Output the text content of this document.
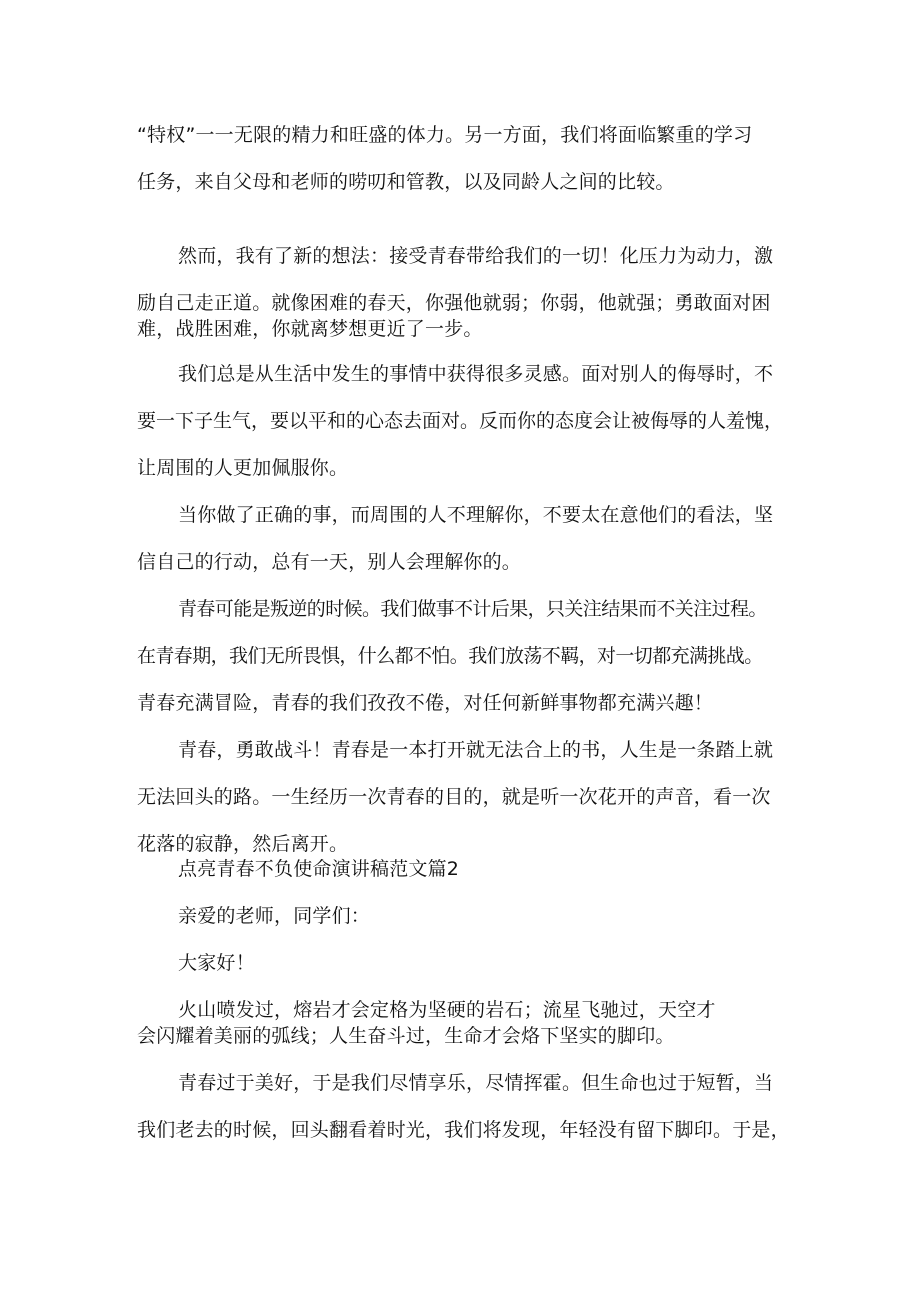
“特权”一一无限的精力和旺盛的体力。另一方面，我们将面临繁重的学习
任务，来自父母和老师的唠叨和管教，以及同龄人之间的比较。
然而，我有了新的想法：接受青春带给我们的一切！化压力为动力，激
励自己走正道。就像困难的春天，你强他就弱；你弱，他就强；勇敢面对困
难，战胜困难，你就离梦想更近了一步。
我们总是从生活中发生的事情中获得很多灵感。面对别人的侮辱时，不
要一下子生气，要以平和的心态去面对。反而你的态度会让被侮辱的人羞愧，
让周围的人更加佩服你。
当你做了正确的事，而周围的人不理解你，不要太在意他们的看法，坚
信自己的行动，总有一天，别人会理解你的。
青春可能是叛逆的时候。我们做事不计后果，只关注结果而不关注过程。
在青春期，我们无所畏惧，什么都不怕。我们放荡不羁，对一切都充满挑战。
青春充满冒险，青春的我们孜孜不倦，对任何新鲜事物都充满兴趣！
青春，勇敢战斗！青春是一本打开就无法合上的书，人生是一条踏上就
无法回头的路。一生经历一次青春的目的，就是听一次花开的声音，看一次
花落的寂静，然后离开。
点亮青春不负使命演讲稿范文篇2
亲爱的老师，同学们：
大家好！
火山喷发过，熔岩才会定格为坚硬的岩石；流星飞驰过，天空才
会闪耀着美丽的弧线；人生奋斗过，生命才会烙下坚实的脚印。
青春过于美好，于是我们尽情享乐，尽情挥霍。但生命也过于短暂，当
我们老去的时候，回头翻看着时光，我们将发现，年轻没有留下脚印。于是，
